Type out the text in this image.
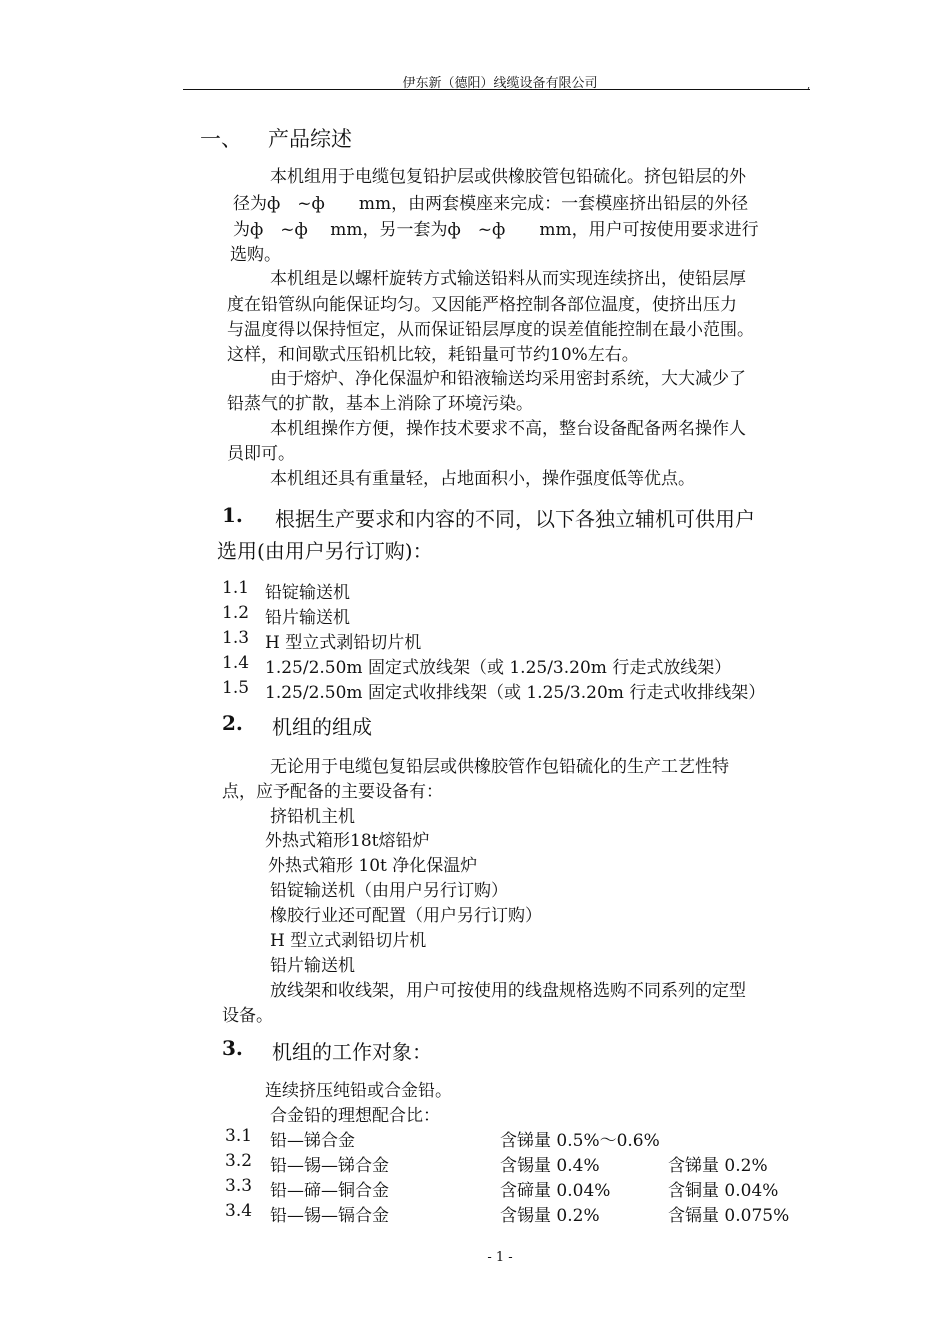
伊东新（德阳）线缆设备有限公司	,
一、 产品综述
本机组用于电缆包复铅护层或供橡胶管包铅硫化。挤包铅层的外
径为ф　~ф　　mm，由两套模座来完成：一套模座挤出铅层的外径
为ф　~ф　 mm，另一套为ф　~ф　　mm，用户可按使用要求进行
选购。
本机组是以螺杆旋转方式输送铅料从而实现连续挤出，使铅层厚
度在铅管纵向能保证均匀。又因能严格控制各部位温度，使挤出压力
与温度得以保持恒定，从而保证铅层厚度的误差值能控制在最小范围。
这样，和间歇式压铅机比较，耗铅量可节约10%左右。
由于熔炉、净化保温炉和铅液输送均采用密封系统，大大减少了
铅蒸气的扩散，基本上消除了环境污染。
本机组操作方便，操作技术要求不高，整台设备配备两名操作人
员即可。
本机组还具有重量轻，占地面积小，操作强度低等优点。
1. 根据生产要求和内容的不同，以下各独立辅机可供用户
选用(由用户另行订购)：
1.1 铅锭输送机
1.2 铅片输送机
1.3 H 型立式剥铅切片机
1.4 1.25/2.50m 固定式放线架（或 1.25/3.20m 行走式放线架）
1.5 1.25/2.50m 固定式收排线架（或 1.25/3.20m 行走式收排线架）
2. 机组的组成
无论用于电缆包复铅层或供橡胶管作包铅硫化的生产工艺性特
点，应予配备的主要设备有：
挤铅机主机
外热式箱形18t熔铅炉
外热式箱形 10t 净化保温炉
铅锭输送机（由用户另行订购）
橡胶行业还可配置（用户另行订购）
H 型立式剥铅切片机
铅片输送机
放线架和收线架，用户可按使用的线盘规格选购不同系列的定型
设备。
3. 机组的工作对象：
连续挤压纯铅或合金铅。
合金铅的理想配合比：
3.1 铅—锑合金	含锑量 0.5%～0.6%
3.2 铅—锡—锑合金	含锡量 0.4%	含锑量 0.2%
3.3 铅—碲—铜合金	含碲量 0.04%	含铜量 0.04%
3.4 铅—锡—镉合金	含锡量 0.2%	含镉量 0.075%
- 1 -
